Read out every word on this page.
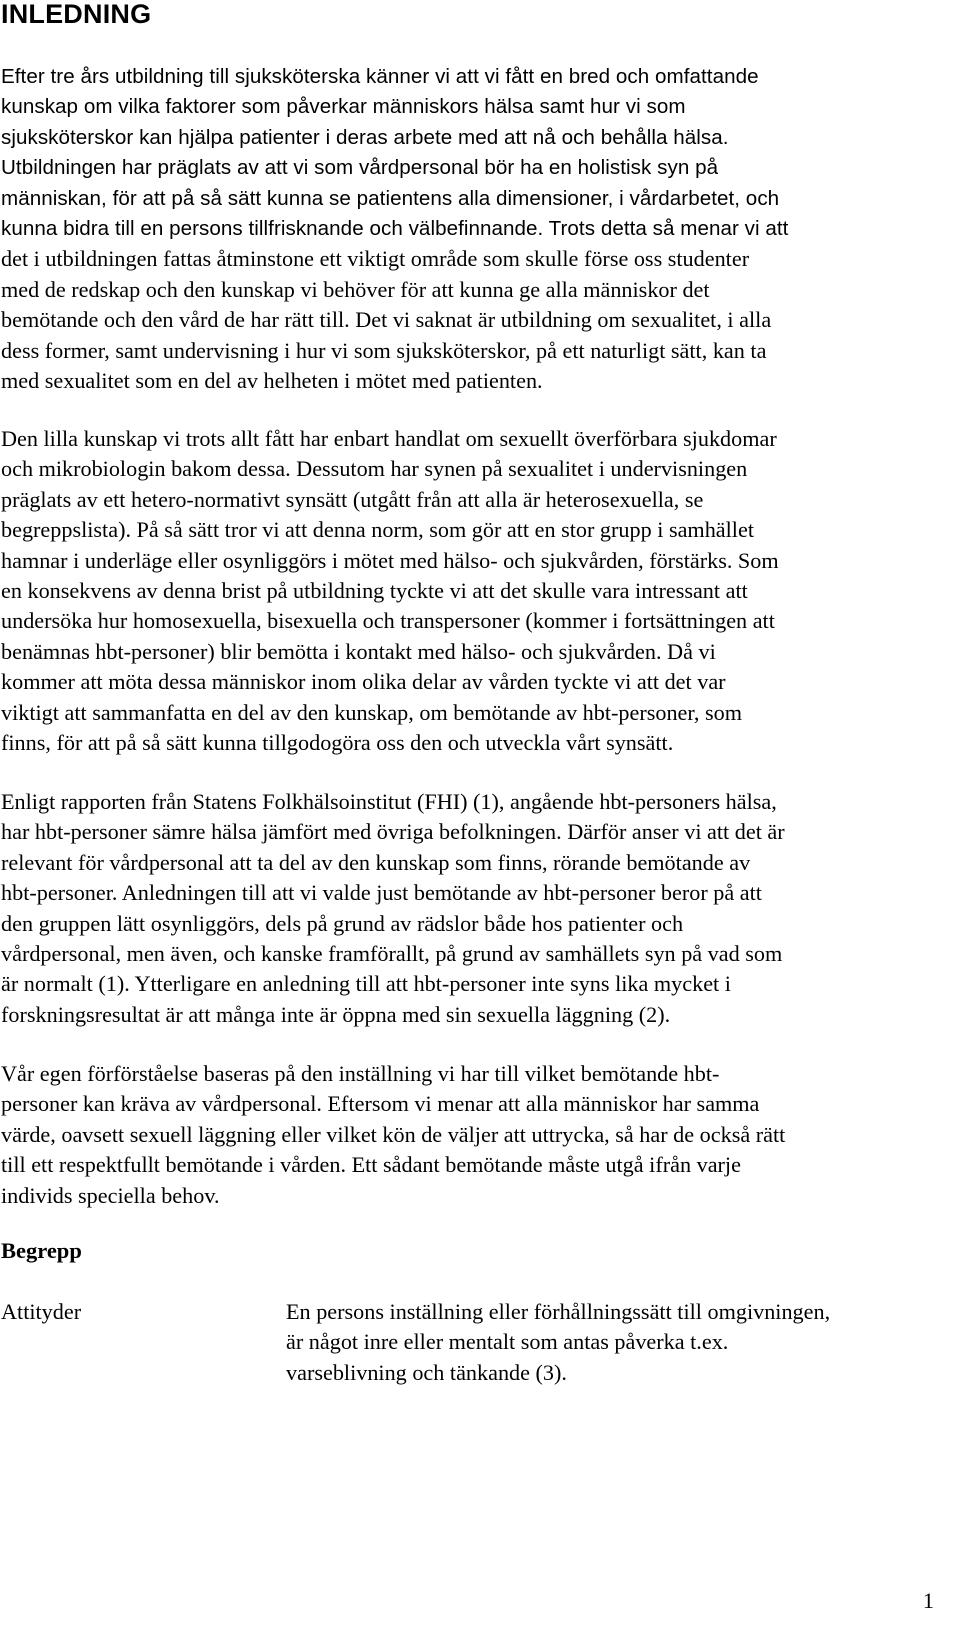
INLEDNING
Efter tre års utbildning till sjuksköterska känner vi att vi fått en bred och omfattande
kunskap om vilka faktorer som påverkar människors hälsa samt hur vi som
sjuksköterskor kan hjälpa patienter i deras arbete med att nå och behålla hälsa.
Utbildningen har präglats av att vi som vårdpersonal bör ha en holistisk syn på
människan, för att på så sätt kunna se patientens alla dimensioner, i vårdarbetet, och
kunna bidra till en persons tillfrisknande och välbefinnande. Trots detta så menar vi att
det i utbildningen fattas åtminstone ett viktigt område som skulle förse oss studenter
med de redskap och den kunskap vi behöver för att kunna ge alla människor det
bemötande och den vård de har rätt till. Det vi saknat är utbildning om sexualitet, i alla
dess former, samt undervisning i hur vi som sjuksköterskor, på ett naturligt sätt, kan ta
med sexualitet som en del av helheten i mötet med patienten.
Den lilla kunskap vi trots allt fått har enbart handlat om sexuellt överförbara sjukdomar
och mikrobiologin bakom dessa. Dessutom har synen på sexualitet i undervisningen
präglats av ett hetero-normativt synsätt (utgått från att alla är heterosexuella, se
begreppslista). På så sätt tror vi att denna norm, som gör att en stor grupp i samhället
hamnar i underläge eller osynliggörs i mötet med hälso- och sjukvården, förstärks. Som
en konsekvens av denna brist på utbildning tyckte vi att det skulle vara intressant att
undersöka hur homosexuella, bisexuella och transpersoner (kommer i fortsättningen att
benämnas hbt-personer) blir bemötta i kontakt med hälso- och sjukvården. Då vi
kommer att möta dessa människor inom olika delar av vården tyckte vi att det var
viktigt att sammanfatta en del av den kunskap, om bemötande av hbt-personer, som
finns, för att på så sätt kunna tillgodogöra oss den och utveckla vårt synsätt.
Enligt rapporten från Statens Folkhälsoinstitut (FHI) (1), angående hbt-personers hälsa,
har hbt-personer sämre hälsa jämfört med övriga befolkningen. Därför anser vi att det är
relevant för vårdpersonal att ta del av den kunskap som finns, rörande bemötande av
hbt-personer. Anledningen till att vi valde just bemötande av hbt-personer beror på att
den gruppen lätt osynliggörs, dels på grund av rädslor både hos patienter och
vårdpersonal, men även, och kanske framförallt, på grund av samhällets syn på vad som
är normalt (1). Ytterligare en anledning till att hbt-personer inte syns lika mycket i
forskningsresultat är att många inte är öppna med sin sexuella läggning (2).
Vår egen förförståelse baseras på den inställning vi har till vilket bemötande hbt-
personer kan kräva av vårdpersonal. Eftersom vi menar att alla människor har samma
värde, oavsett sexuell läggning eller vilket kön de väljer att uttrycka, så har de också rätt
till ett respektfullt bemötande i vården. Ett sådant bemötande måste utgå ifrån varje
individs speciella behov.
Begrepp
Attityder	En persons inställning eller förhållningssätt till omgivningen,
är något inre eller mentalt som antas påverka t.ex.
varseblivning och tänkande (3).
1
